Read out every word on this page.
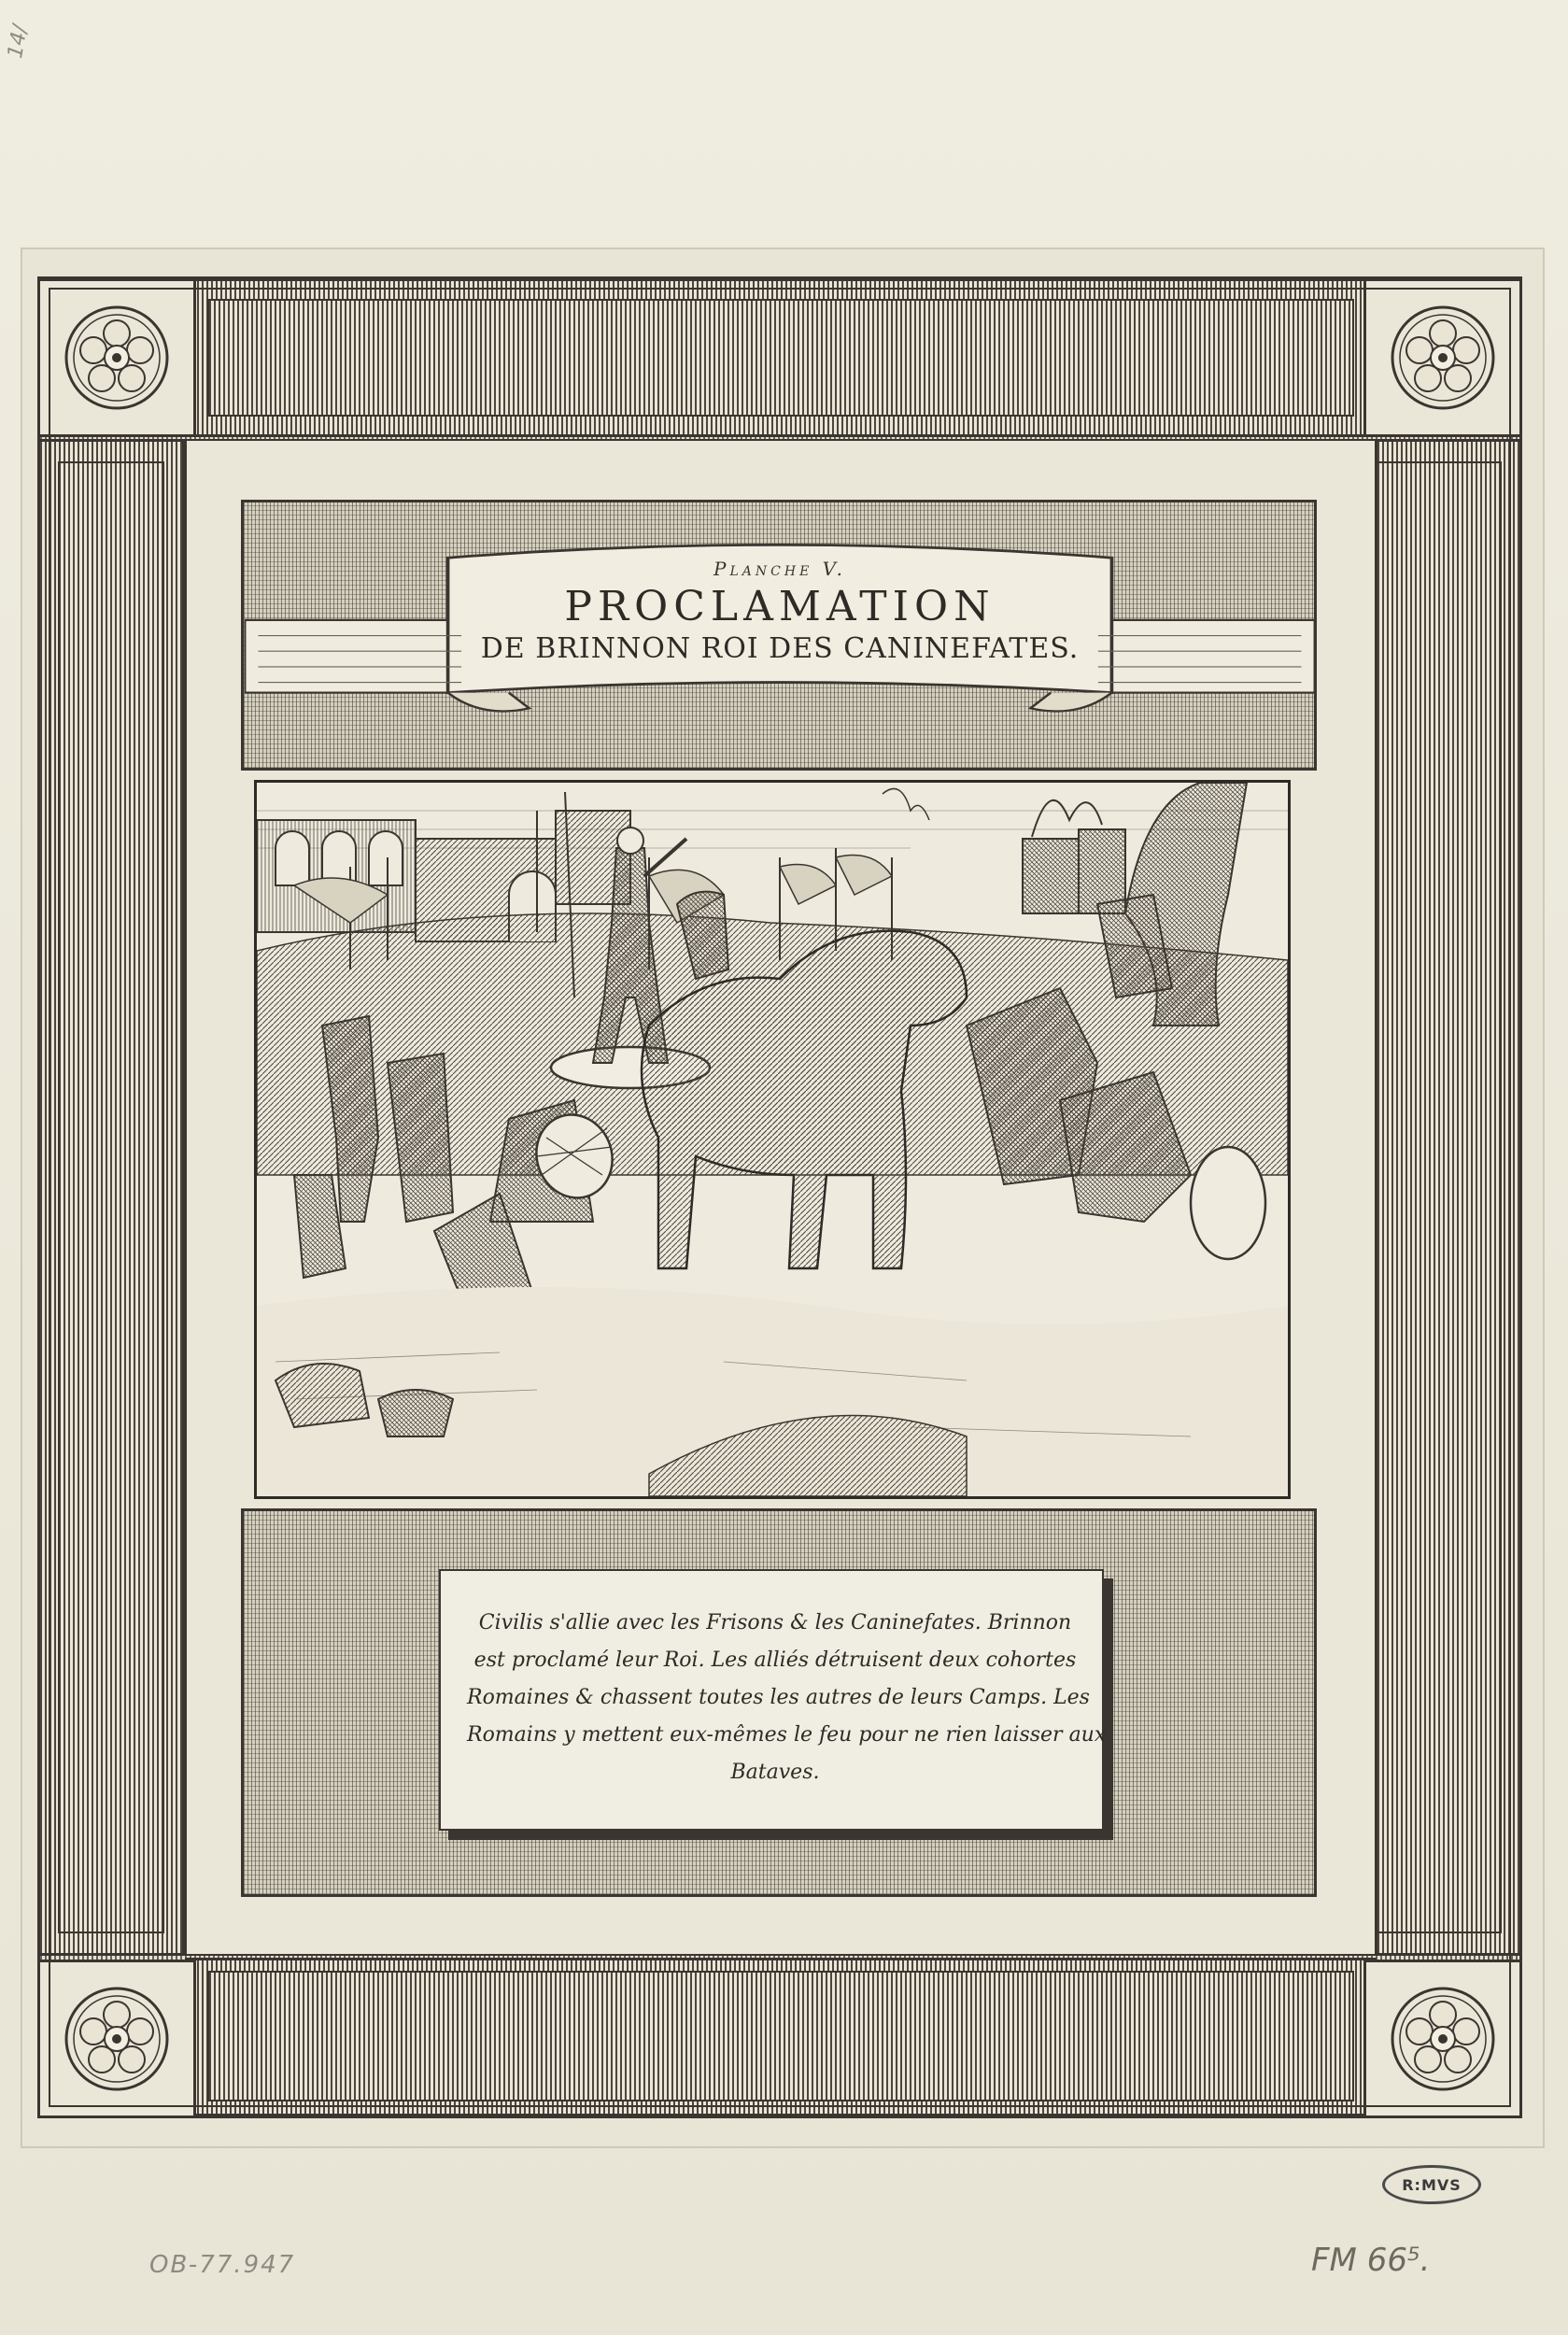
14/
Planche V.
PROCLAMATION
DE BRINNON ROI DES CANINEFATES.
Civilis s'allie avec les Frisons & les Caninefates. Brinnon
est proclamé leur Roi. Les alliés détruisent deux cohortes
Romaines & chassent toutes les autres de leurs Camps. Les
Romains y mettent eux-mêmes le feu pour ne rien laisser aux
Bataves.
OB-77.947
R:MVS
FM 66⁵.
